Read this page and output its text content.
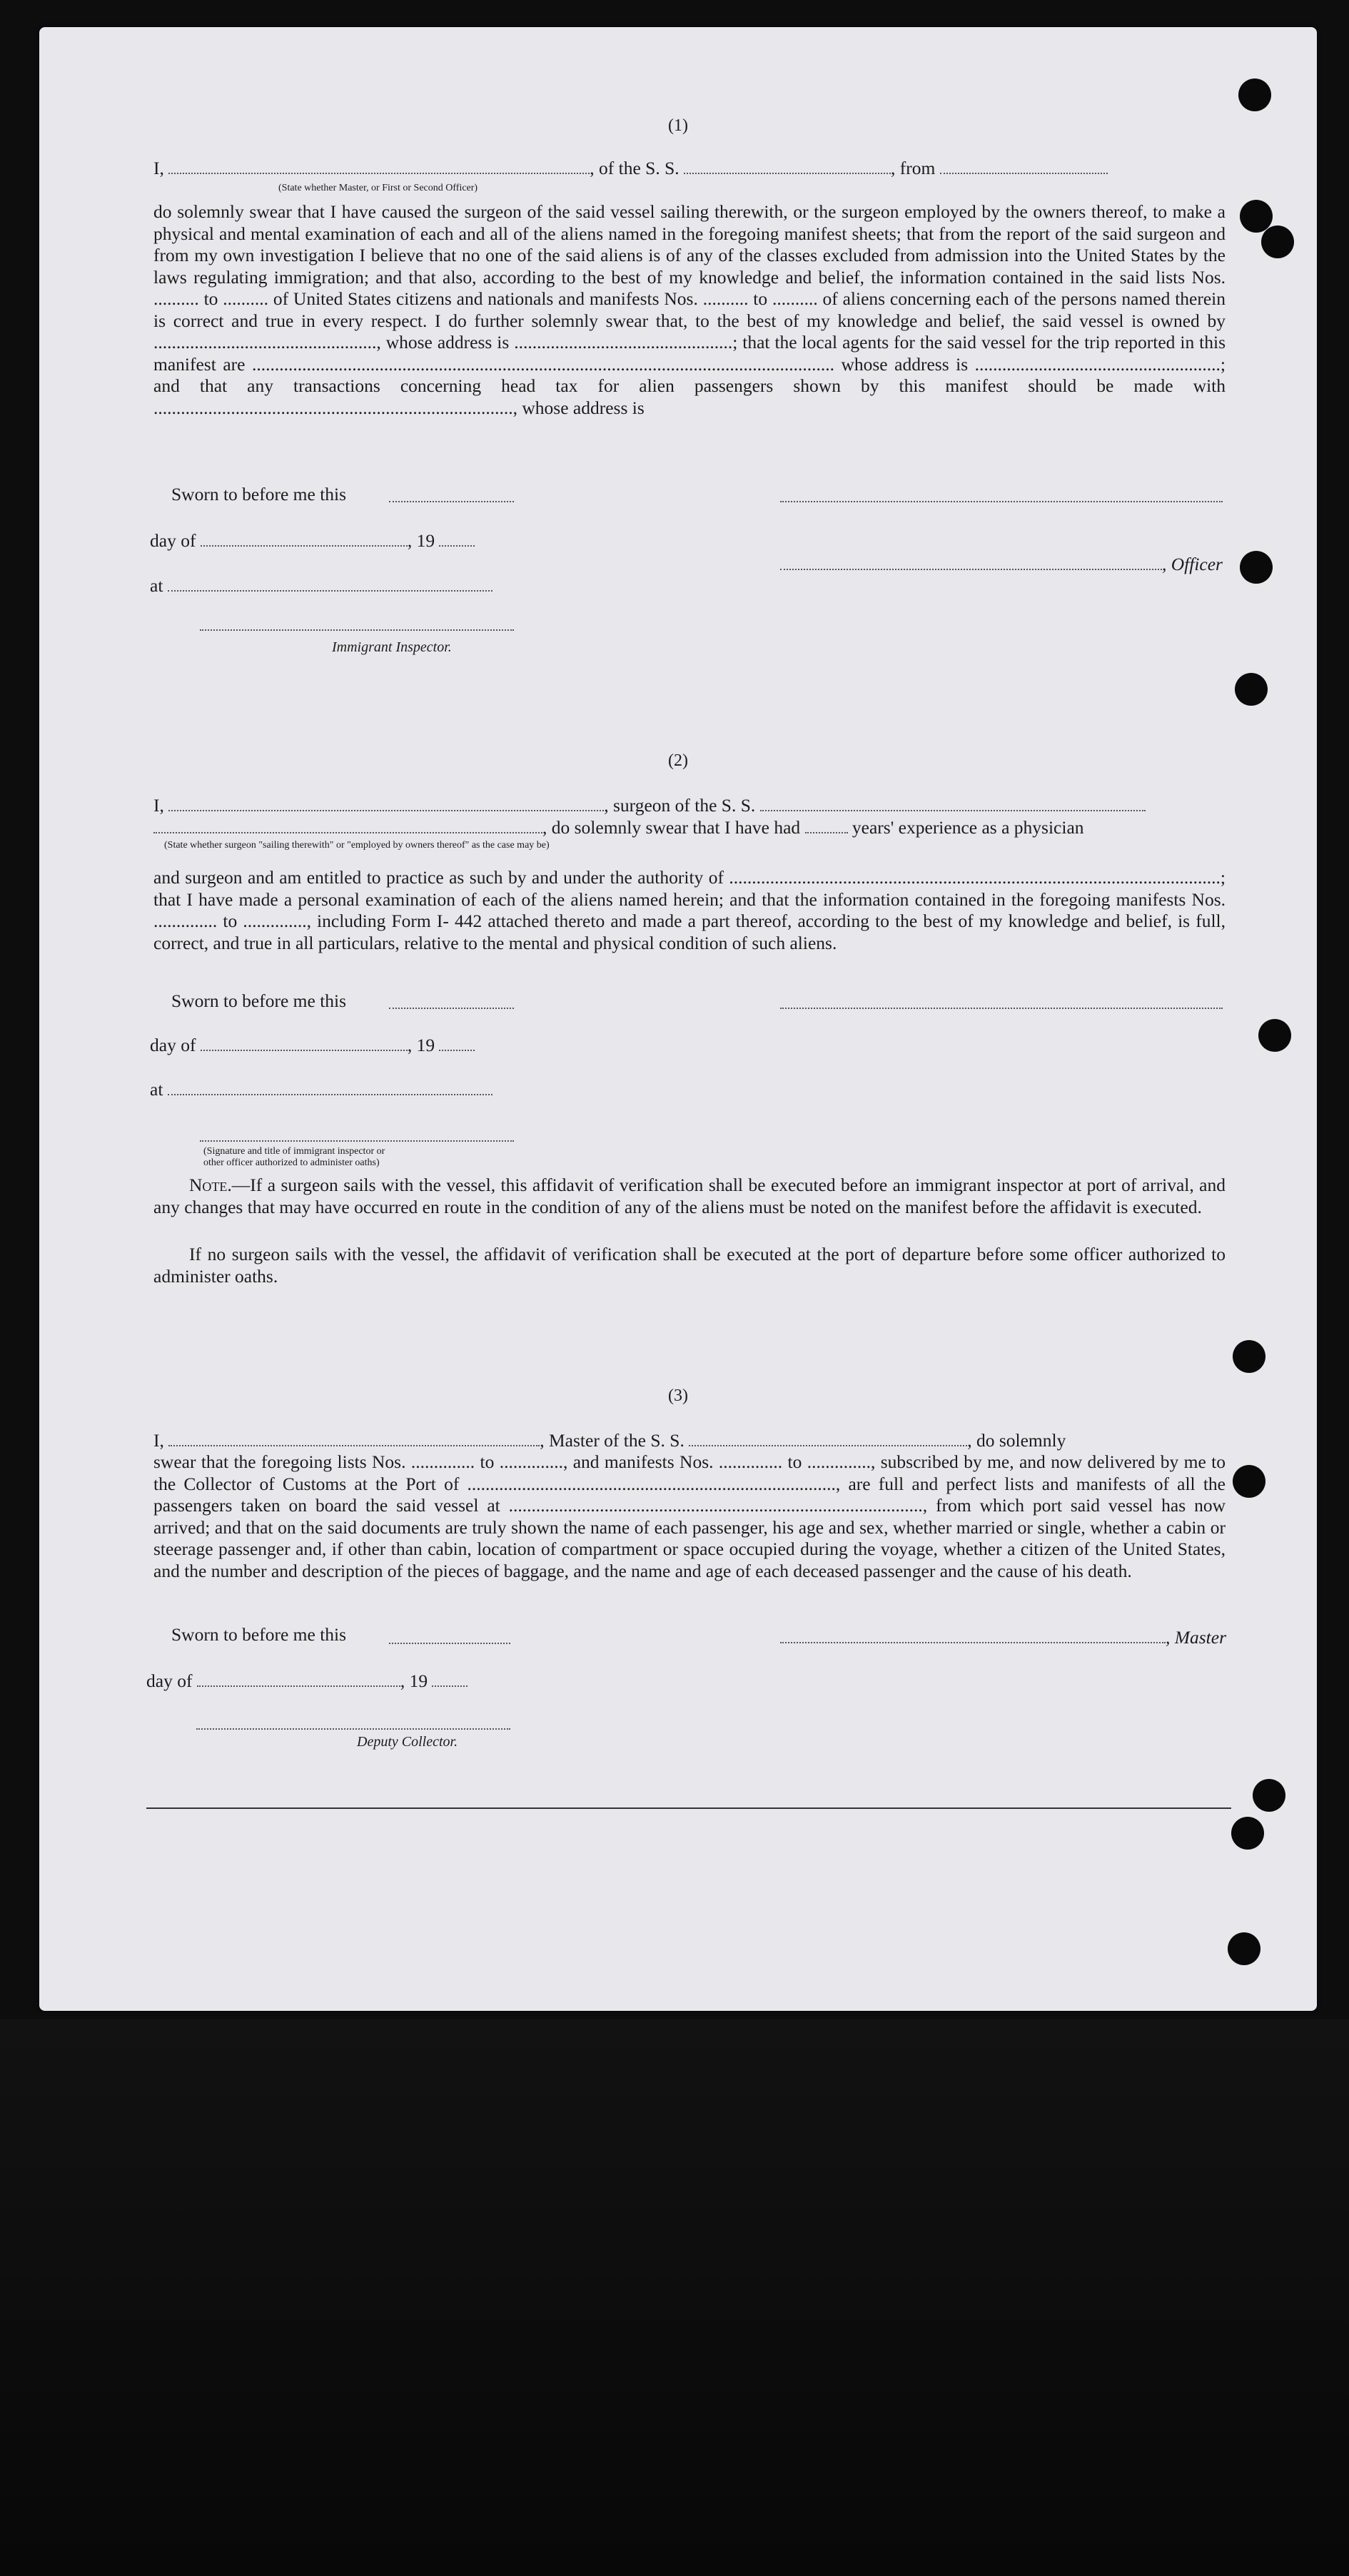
(1)
I,	, of the S. S.	, from
(State whether Master, or First or Second Officer)
do solemnly swear that I have caused the surgeon of the said vessel sailing therewith, or the surgeon employed by the owners thereof, to make a physical and mental examination of each and all of the aliens named in the foregoing manifest sheets; that from the report of the said surgeon and from my own investigation I believe that no one of the said aliens is of any of the classes excluded from admission into the United States by the laws regulating immigration; and that also, according to the best of my knowledge and belief, the information contained in the said lists Nos. .......... to .......... of United States citizens and nationals and manifests Nos. .......... to .......... of aliens concerning each of the persons named therein is correct and true in every respect. I do further solemnly swear that, to the best of my knowledge and belief, the said vessel is owned by ................................................., whose address is ................................................; that the local agents for the said vessel for the trip reported in this manifest are ................................................................................................................................ whose address is ......................................................; and that any transactions concerning head tax for alien passengers shown by this manifest should be made with ..............................................................................., whose address is
Sworn to before me this
day of	, 19
, Officer
at
Immigrant Inspector.
(2)
I,	, surgeon of the S. S.
, do solemnly swear that I have had	years' experience as a physician
(State whether surgeon "sailing therewith" or "employed by owners thereof" as the case may be)
and surgeon and am entitled to practice as such by and under the authority of ............................................................................................................; that I have made a personal examination of each of the aliens named herein; and that the information contained in the foregoing manifests Nos. .............. to .............., including Form I- 442 attached thereto and made a part thereof, according to the best of my knowledge and belief, is full, correct, and true in all particulars, relative to the mental and physical condition of such aliens.
Sworn to before me this
day of	, 19
at
(Signature and title of immigrant inspector or
other officer authorized to administer oaths)
Note.—If a surgeon sails with the vessel, this affidavit of verification shall be executed before an immigrant inspector at port of arrival, and any changes that may have occurred en route in the condition of any of the aliens must be noted on the manifest before the affidavit is executed.
If no surgeon sails with the vessel, the affidavit of verification shall be executed at the port of departure before some officer authorized to administer oaths.
(3)
I,	, Master of the S. S.	, do solemnly
swear that the foregoing lists Nos. .............. to .............., and manifests Nos. .............. to .............., subscribed by me, and now delivered by me to the Collector of Customs at the Port of ................................................................................., are full and perfect lists and manifests of all the passengers taken on board the said vessel at ..........................................................................................., from which port said vessel has now arrived; and that on the said documents are truly shown the name of each passenger, his age and sex, whether married or single, whether a cabin or steerage passenger and, if other than cabin, location of compartment or space occupied during the voyage, whether a citizen of the United States, and the number and description of the pieces of baggage, and the name and age of each deceased passenger and the cause of his death.
Sworn to before me this	, Master
day of	, 19
Deputy Collector.
